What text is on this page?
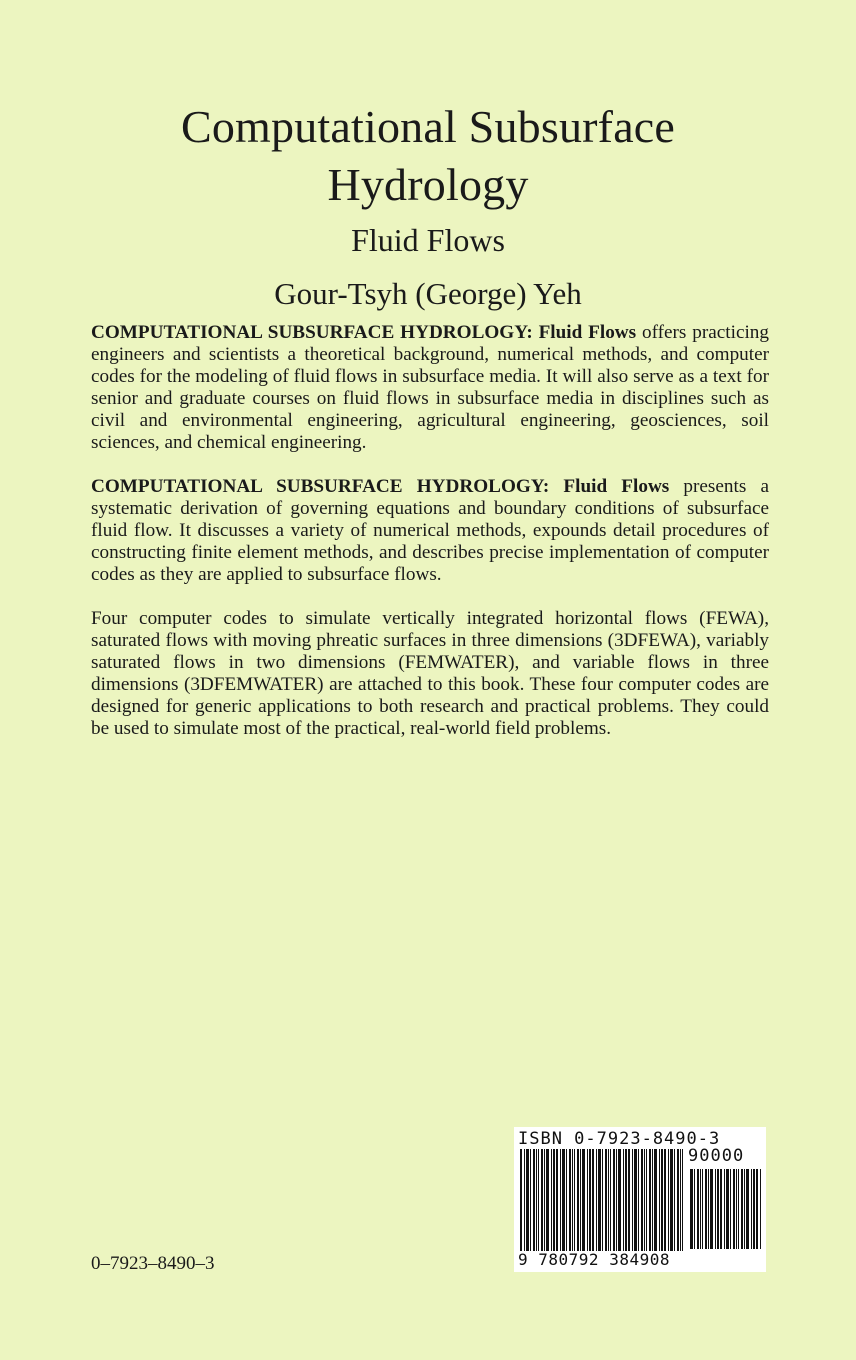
Computational Subsurface
Hydrology
Fluid Flows
Gour-Tsyh (George) Yeh

COMPUTATIONAL SUBSURFACE HYDROLOGY: Fluid Flows offers practicing engineers and scientists a theoretical background, numerical methods, and computer codes for the modeling of fluid flows in subsurface media. It will also serve as a text for senior and graduate courses on fluid flows in subsurface media in disciplines such as civil and environmental engineering, agricultural engineering, geosciences, soil sciences, and chemical engineering.

COMPUTATIONAL SUBSURFACE HYDROLOGY: Fluid Flows presents a systematic derivation of governing equations and boundary conditions of subsurface fluid flow. It discusses a variety of numerical methods, expounds detail procedures of constructing finite element methods, and describes precise implementation of computer codes as they are applied to subsurface flows.

Four computer codes to simulate vertically integrated horizontal flows (FEWA), saturated flows with moving phreatic surfaces in three dimensions (3DFEWA), variably saturated flows in two dimensions (FEMWATER), and variable flows in three dimensions (3DFEMWATER) are attached to this book. These four computer codes are designed for generic applications to both research and practical problems. They could be used to simulate most of the practical, real-world field problems.

0–7923–8490–3
ISBN 0-7923-8490-3
90000
9 780792 384908
